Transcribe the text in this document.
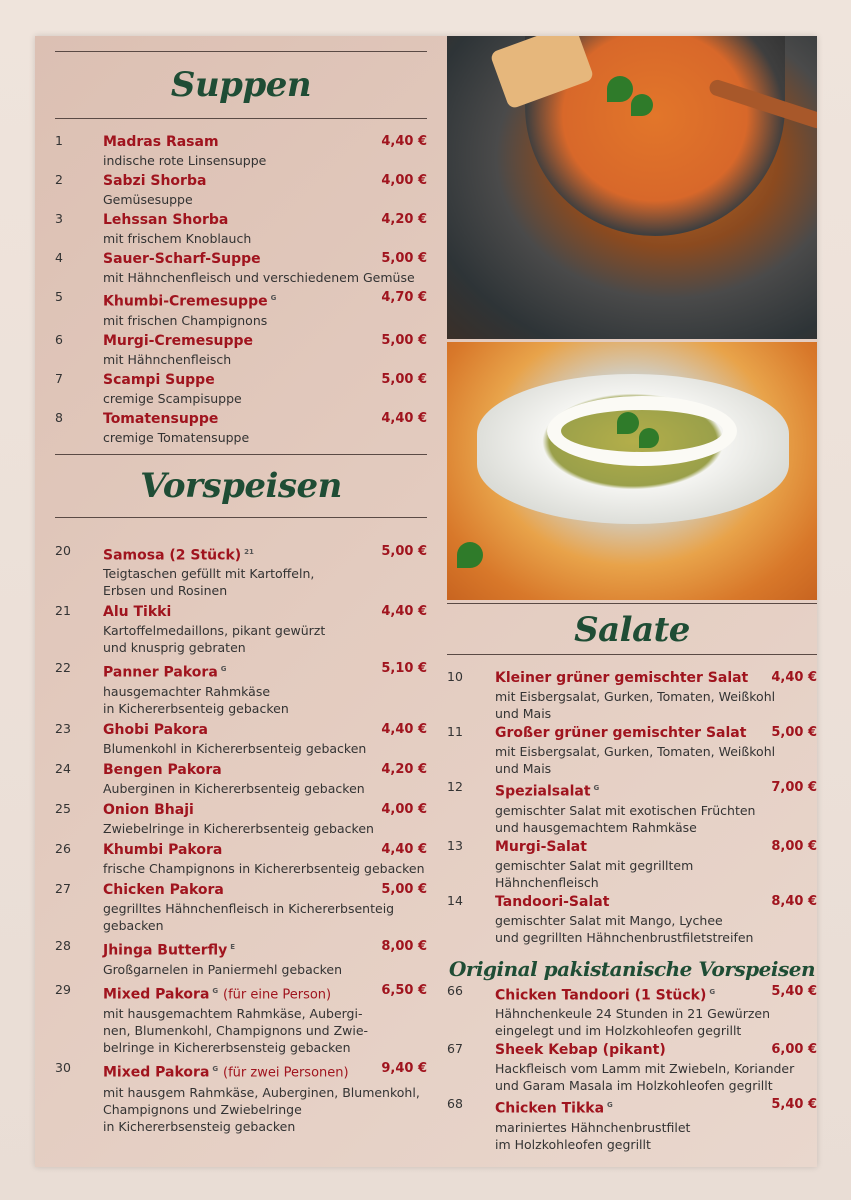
Suppen
1	Madras Rasam	4,40 €
indische rote Linsensuppe
2	Sabzi Shorba	4,00 €
Gemüsesuppe
3	Lehssan Shorba	4,20 €
mit frischem Knoblauch
4	Sauer-Scharf-Suppe	5,00 €
mit Hähnchenfleisch und verschiedenem Gemüse
5	Khumbi-Cremesuppe $^G$	4,70 €
mit frischen Champignons
6	Murgi-Cremesuppe	5,00 €
mit Hähnchenfleisch
7	Scampi Suppe	5,00 €
cremige Scampisuppe
8	Tomatensuppe	4,40 €
cremige Tomatensuppe
Vorspeisen
20 Samosa (2 Stück) $^{21}$	5,00 €
Teigtaschen gefüllt mit Kartoffeln,
Erbsen und Rosinen
21 Alu Tikki	4,40 €
Kartoffelmedaillons, pikant gewürzt
und knusprig gebraten
22 Panner Pakora $^G$	5,10 €
hausgemachter Rahmkäse
in Kichererbsenteig gebacken
23 Ghobi Pakora	4,40 €
Blumenkohl in Kichererbsenteig gebacken
24 Bengen Pakora	4,20 €
Auberginen in Kichererbsenteig gebacken
25 Onion Bhaji	4,00 €
Zwiebelringe in Kichererbsenteig gebacken
26 Khumbi Pakora	4,40 €
frische Champignons in Kichererbsenteig gebacken
27 Chicken Pakora	5,00 €
gegrilltes Hähnchenfleisch in Kichererbsenteig
gebacken
28 Jhinga Butterfly $^E$	8,00 €
Großgarnelen in Paniermehl gebacken
29 Mixed Pakora $^G$ (für eine Person)	6,50 €
mit hausgemachtem Rahmkäse, Aubergi-
nen, Blumenkohl, Champignons und Zwie-
belringe in Kichererbsensteig gebacken
30 Mixed Pakora $^G$ (für zwei Personen)	9,40 €
mit hausgem Rahmkäse, Auberginen, Blumenkohl,
Champignons und Zwiebelringe
in Kichererbsensteig gebacken
Salate
10 Kleiner grüner gemischter Salat	4,40 €
mit Eisbergsalat, Gurken, Tomaten, Weißkohl
und Mais
11 Großer grüner gemischter Salat	5,00 €
mit Eisbergsalat, Gurken, Tomaten, Weißkohl
und Mais
12 Spezialsalat $^G$	7,00 €
gemischter Salat mit exotischen Früchten
und hausgemachtem Rahmkäse
13 Murgi-Salat	8,00 €
gemischter Salat mit gegrilltem
Hähnchenfleisch
14 Tandoori-Salat	8,40 €
gemischter Salat mit Mango, Lychee
und gegrillten Hähnchenbrustfiletstreifen
Original pakistanische Vorspeisen
66 Chicken Tandoori (1 Stück) $^G$	5,40 €
Hähnchenkeule 24 Stunden in 21 Gewürzen
eingelegt und im Holzkohleofen gegrillt
67 Sheek Kebap (pikant)	6,00 €
Hackfleisch vom Lamm mit Zwiebeln, Koriander
und Garam Masala im Holzkohleofen gegrillt
68 Chicken Tikka $^G$	5,40 €
mariniertes Hähnchenbrustfilet
im Holzkohleofen gegrillt
